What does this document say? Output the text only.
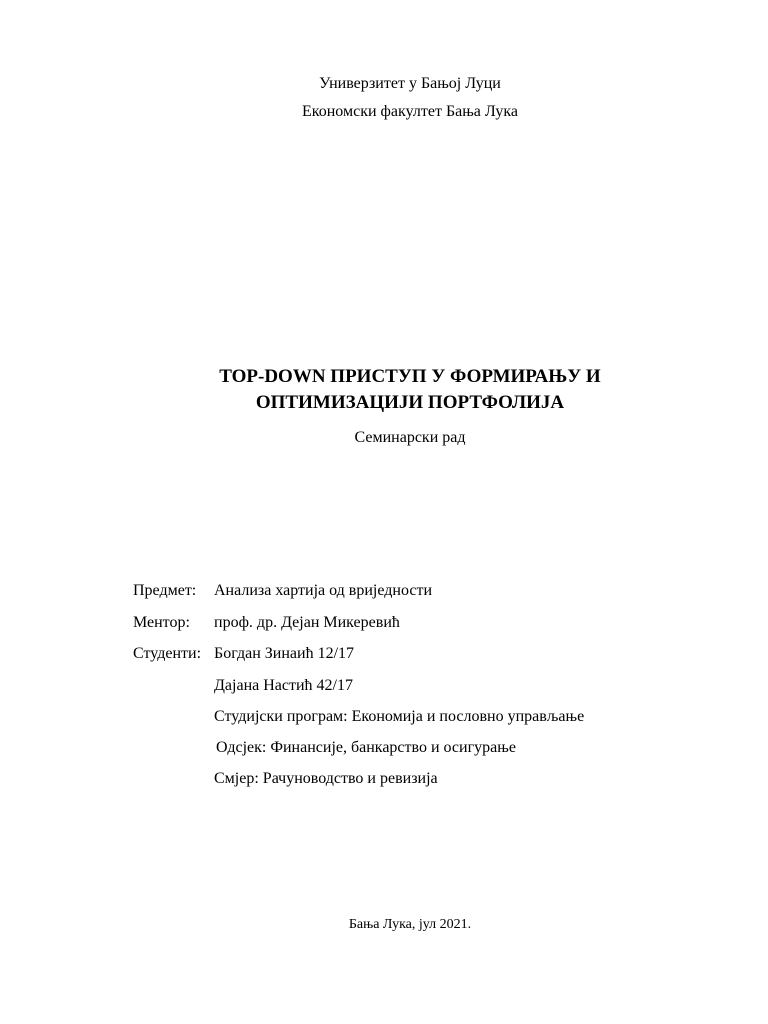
Универзитет у Бањој Луци
Економски факултет Бања Лука
TOP-DOWN ПРИСТУП У ФОРМИРАЊУ И
ОПТИМИЗАЦИЈИ ПОРТФОЛИЈА
Семинарски рад
Предмет: Анализа хартија од вриједности
Ментор: проф. др. Дејан Микеревић
Студенти: Богдан Зинаић 12/17
Дајана Настић 42/17
Студијски програм: Економија и пословно управљање
Одсјек: Финансије, банкарство и осигурање
Смјер: Рачуноводство и ревизија
Бања Лука, јул 2021.
